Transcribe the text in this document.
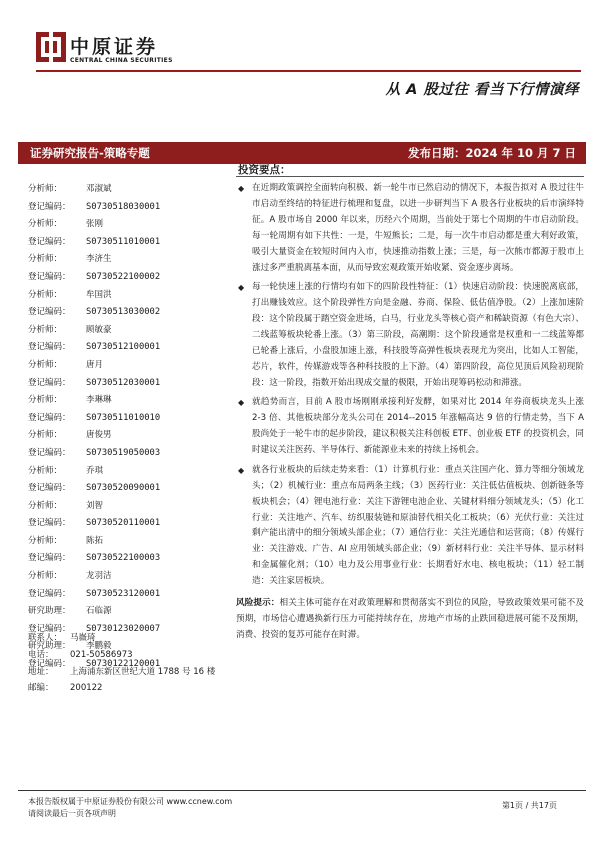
中原证券
CENTRAL CHINA SECURITIES
从 A 股过往 看当下行情演绎
证券研究报告-策略专题	发布日期：2024 年 10 月 7 日
分析师：	邓淑斌
登记编码： S0730518030001
分析师：	张刚
登记编码： S0730511010001
分析师：	李济生
登记编码： S0730522100002
分析师：	牟国洪
登记编码： S0730513030002
分析师：	顾敏豪
登记编码： S0730512100001
分析师：	唐月
登记编码： S0730512030001
分析师：	李琳琳
登记编码： S0730511010010
分析师：	唐俊男
登记编码： S0730519050003
分析师：	乔琪
登记编码： S0730520090001
分析师：	刘智
登记编码： S0730520110001
分析师：	陈拓
登记编码： S0730522100003
分析师：	龙羽洁
登记编码： S0730523120001
研究助理： 石临源
登记编码： S0730123020007
研究助理： 李鹏毅
登记编码： S0730122120001
联系人： 马嶶琦
电话： 021-50586973
地址： 上海浦东新区世纪大道 1788 号 16 楼
邮编： 200122
投资要点：
◆ 在近期政策调控全面转向积极、新一轮牛市已然启动的情况下，本报告拟对 A 股过往牛市启动至终结的特征进行梳理和复盘，以进一步研判当下 A 股各行业板块的后市演绎特征。A 股市场自 2000 年以来，历经六个周期，当前处于第七个周期的牛市启动阶段。每一轮周期有如下共性：一是，牛短熊长；二是，每一次牛市启动都是重大利好政策，吸引大量资金在较短时间内入市，快速推动指数上涨；三是，每一次熊市都源于股市上涨过多严重脱离基本面，从而导致宏观政策开始收紧、资金逐步离场。
◆ 每一轮快速上涨的行情均有如下的四阶段性特征：（1）快速启动阶段：快速脱离底部，打出赚钱效应。这个阶段弹性方向是金融、券商、保险、低估值净股。（2）上涨加速阶段：这个阶段属于踏空资金进场，白马，行业龙头等核心资产和稀缺资源（有色大宗）、二线蓝筹板块轮番上涨。（3）第三阶段，高潮期：这个阶段通常是权重和一二线蓝筹都已轮番上涨后，小盘股加速上涨，科技股等高弹性板块表现尤为突出，比如人工智能，芯片，软件，传媒游戏等各种科技股的上下游。（4）第四阶段，高位见顶后风险初现阶段：这一阶段，指数开始出现成交量的极限，开始出现筹码松动和滞涨。
◆ 就趋势而言，目前 A 股市场刚刚承接利好发酵，如果对比 2014 年券商板块龙头上涨 2-3 倍、其他板块部分龙头公司在 2014--2015 年涨幅高达 9 倍的行情走势，当下 A 股尚处于一轮牛市的起步阶段，建议积极关注科创板 ETF、创业板 ETF 的投资机会，同时建议关注医药、半导体行、新能源业未来的持续上扬机会。
◆ 就各行业板块的后续走势来看：（1）计算机行业：重点关注国产化、算力等细分领域龙头；（2）机械行业：重点布局两条主线；（3）医药行业：关注低估值板块、创新链条等板块机会；（4）锂电池行业：关注下游锂电池企业、关键材料细分领域龙头；（5）化工行业：关注地产、汽车、纺织服装链和原油替代相关化工板块；（6）光伏行业：关注过剩产能出清中的细分领域头部企业；（7）通信行业：关注光通信和运营商；（8）传媒行业：关注游戏、广告、AI 应用领域头部企业；（9）新材料行业：关注半导体、显示材料和金属催化剂；（10）电力及公用事业行业：长期看好水电、核电板块；（11）轻工制造：关注家居板块。
风险提示：相关主体可能存在对政策理解和贯彻落实不到位的风险，导致政策效果可能不及预期，市场信心遭遇换新行压力可能持续存在，房地产市场的止跌回稳进展可能不及预期，消费、投资的复苏可能存在时滞。
本报告版权属于中原证券股份有限公司 www.ccnew.com
请阅读最后一页各项声明
第1页 / 共17页
